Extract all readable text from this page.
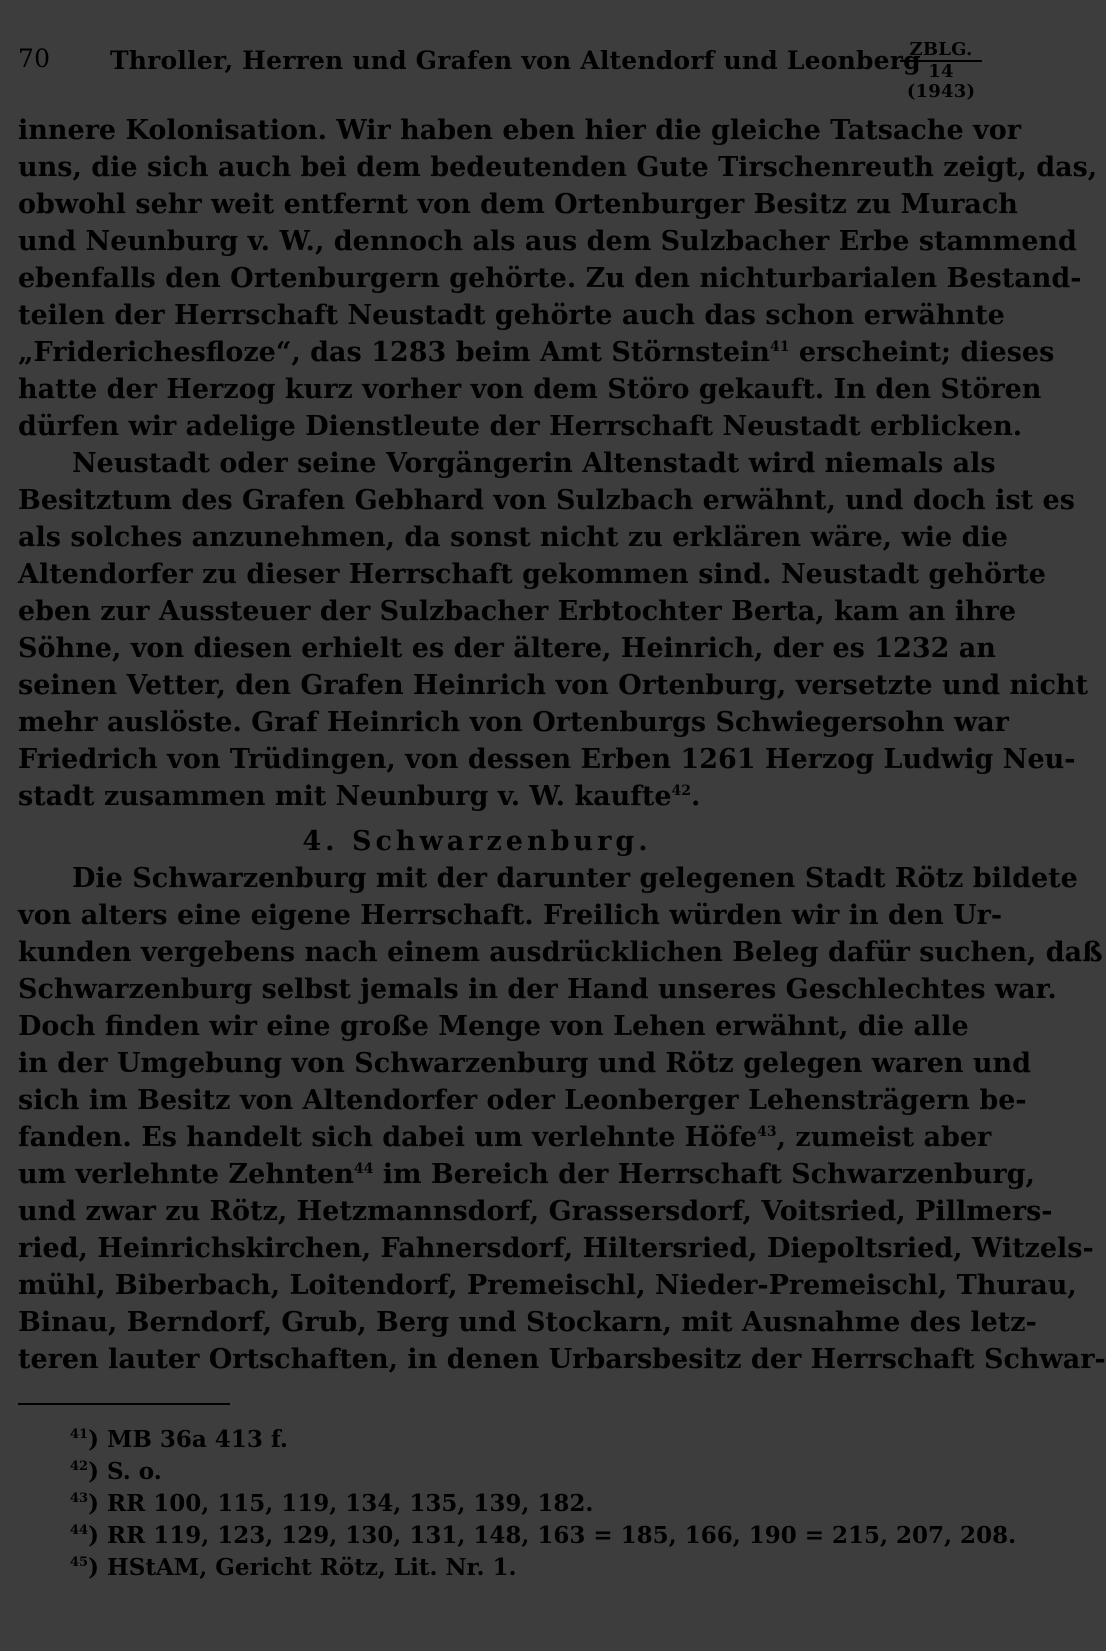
70 Throller, Herren und Grafen von Altendorf und Leonberg
ZBLG.
14 (1943)
innere Kolonisation. Wir haben eben hier die gleiche Tatsache vor
uns, die sich auch bei dem bedeutenden Gute Tirschenreuth zeigt, das,
obwohl sehr weit entfernt von dem Ortenburger Besitz zu Murach
und Neunburg v. W., dennoch als aus dem Sulzbacher Erbe stammend
ebenfalls den Ortenburgern gehörte. Zu den nichturbarialen Bestand-
teilen der Herrschaft Neustadt gehörte auch das schon erwähnte
„Friderichesfloze“, das 1283 beim Amt Störnstein$^{41}$ erscheint; dieses
hatte der Herzog kurz vorher von dem Störo gekauft. In den Stören
dürfen wir adelige Dienstleute der Herrschaft Neustadt erblicken.
Neustadt oder seine Vorgängerin Altenstadt wird niemals als
Besitztum des Grafen Gebhard von Sulzbach erwähnt, und doch ist es
als solches anzunehmen, da sonst nicht zu erklären wäre, wie die
Altendorfer zu dieser Herrschaft gekommen sind. Neustadt gehörte
eben zur Aussteuer der Sulzbacher Erbtochter Berta, kam an ihre
Söhne, von diesen erhielt es der ältere, Heinrich, der es 1232 an
seinen Vetter, den Grafen Heinrich von Ortenburg, versetzte und nicht
mehr auslöste. Graf Heinrich von Ortenburgs Schwiegersohn war
Friedrich von Trüdingen, von dessen Erben 1261 Herzog Ludwig Neu-
stadt zusammen mit Neunburg v. W. kaufte$^{42}$.
4. Schwarzenburg.
Die Schwarzenburg mit der darunter gelegenen Stadt Rötz bildete
von alters eine eigene Herrschaft. Freilich würden wir in den Ur-
kunden vergebens nach einem ausdrücklichen Beleg dafür suchen, daß
Schwarzenburg selbst jemals in der Hand unseres Geschlechtes war.
Doch finden wir eine große Menge von Lehen erwähnt, die alle
in der Umgebung von Schwarzenburg und Rötz gelegen waren und
sich im Besitz von Altendorfer oder Leonberger Lehensträgern be-
fanden. Es handelt sich dabei um verlehnte Höfe$^{43}$, zumeist aber
um verlehnte Zehnten$^{44}$ im Bereich der Herrschaft Schwarzenburg,
und zwar zu Rötz, Hetzmannsdorf, Grassersdorf, Voitsried, Pillmers-
ried, Heinrichskirchen, Fahnersdorf, Hiltersried, Diepoltsried, Witzels-
mühl, Biberbach, Loitendorf, Premeischl, Nieder-Premeischl, Thurau,
Binau, Berndorf, Grub, Berg und Stockarn, mit Ausnahme des letz-
teren lauter Ortschaften, in denen Urbarsbesitz der Herrschaft Schwar-
$^{41}$) MB 36a 413 f.
$^{42}$) S. o.
$^{43}$) RR 100, 115, 119, 134, 135, 139, 182.
$^{44}$) RR 119, 123, 129, 130, 131, 148, 163 = 185, 166, 190 = 215, 207, 208.
$^{45}$) HStAM, Gericht Rötz, Lit. Nr. 1.
